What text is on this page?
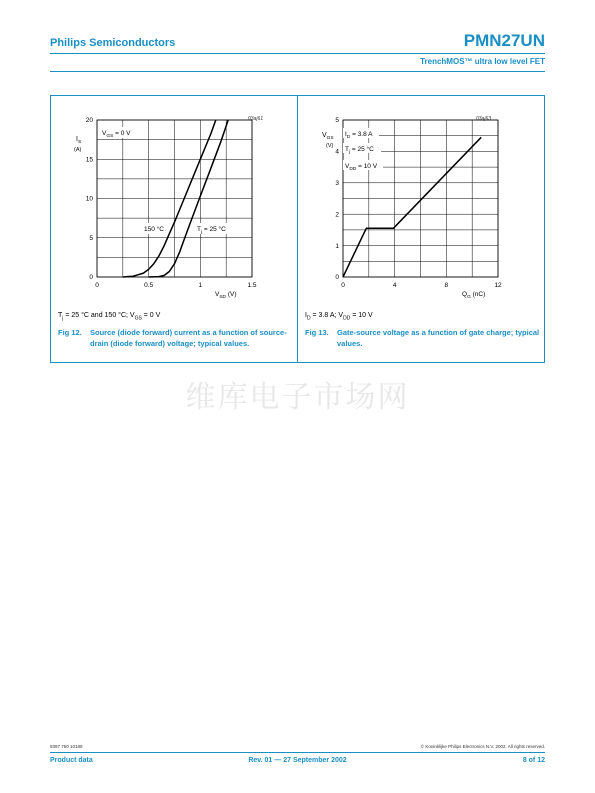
Philips Semiconductors	PMN27UN
TrenchMOS™ ultra low level FET
0	0.5	1	1.5
0
5
10
15
20	03aj61
$I_S$
(A)
$V_{GS} = 0$ V
$V_{SD}$ (V)
150 °C	$T_j = 25$ °C
0	4	8	12
0
1
2
3
4
5	03aj63
$V_{GS}$
(V)
$I_D = 3.8$ A
$T_j = 25$ °C
$V_{DD} = 10$ V
$Q_G$ (nC)
$T_j = 25$ °C and 150 °C; $V_{GS} = 0$ V	$I_D = 3.8$ A; $V_{DD} = 10$ V
Fig 12. Source (diode forward) current as a function of source-drain (diode forward) voltage; typical values.
Fig 13. Gate-source voltage as a function of gate charge; typical values.
维库电子市场网
9397 750 10189	© Koninklijke Philips Electronics N.V. 2002. All rights reserved.
Product data	Rev. 01 — 27 September 2002	8 of 12
